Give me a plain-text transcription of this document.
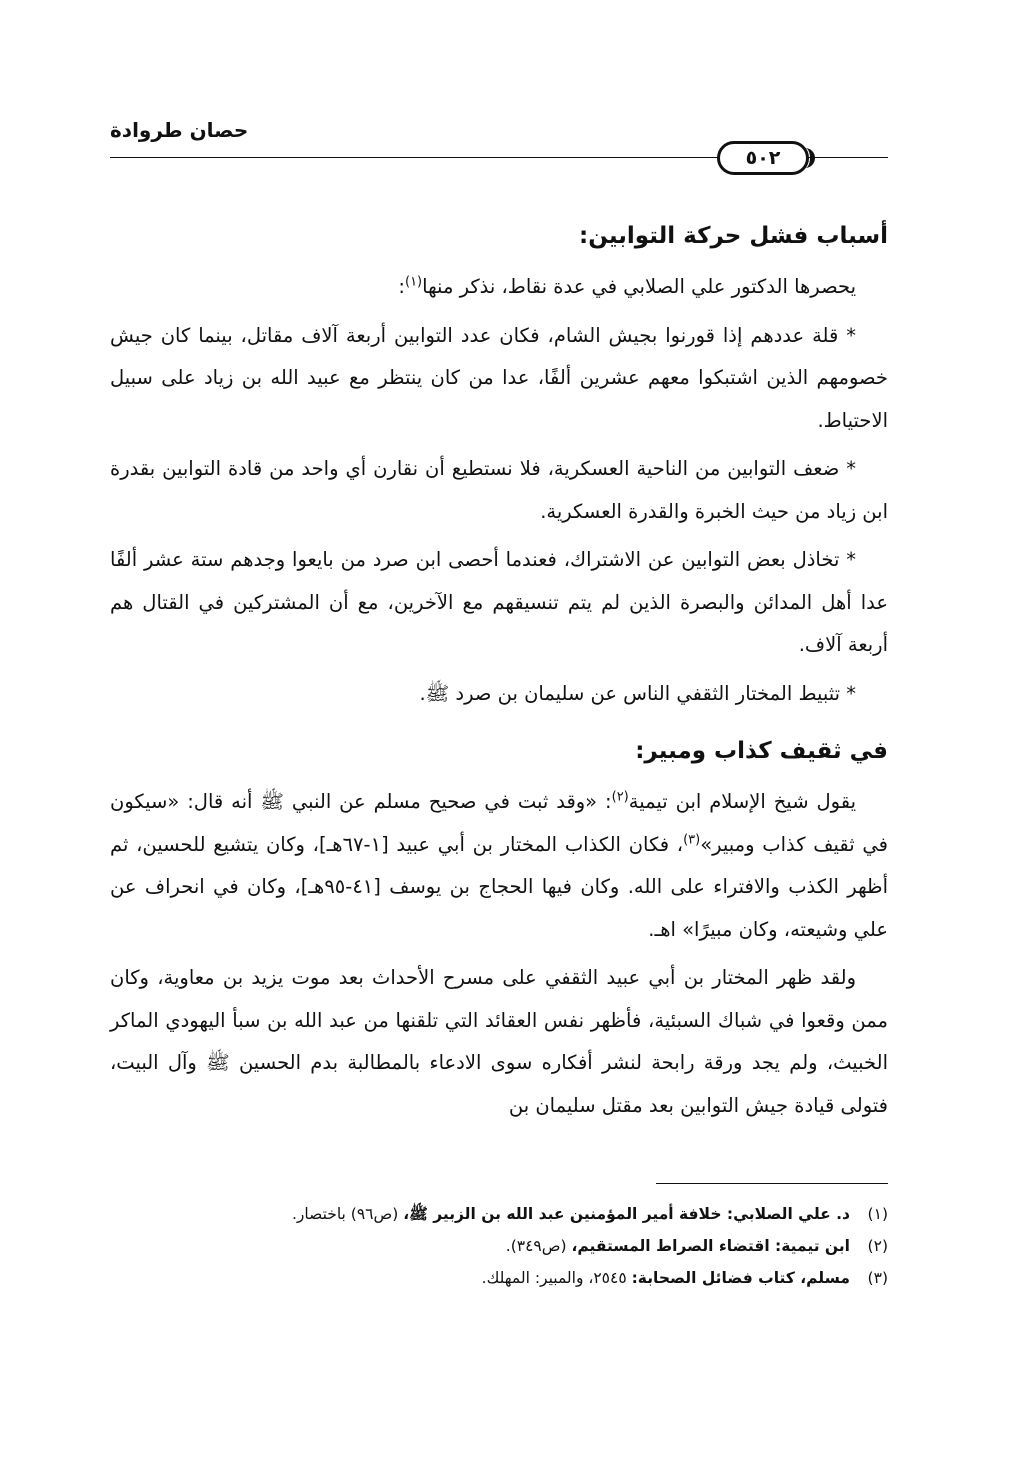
حصان طروادة
٥٠٢
أسباب فشل حركة التوابين:

يحصرها الدكتور علي الصلابي في عدة نقاط، نذكر منها$^{(١)}$:

* قلة عددهم إذا قورنوا بجيش الشام، فكان عدد التوابين أربعة آلاف مقاتل، بينما كان جيش خصومهم الذين اشتبكوا معهم عشرين ألفًا، عدا من كان ينتظر مع عبيد الله بن زياد على سبيل الاحتياط.

* ضعف التوابين من الناحية العسكرية، فلا نستطيع أن نقارن أي واحد من قادة التوابين بقدرة ابن زياد من حيث الخبرة والقدرة العسكرية.

* تخاذل بعض التوابين عن الاشتراك، فعندما أحصى ابن صرد من بايعوا وجدهم ستة عشر ألفًا عدا أهل المدائن والبصرة الذين لم يتم تنسيقهم مع الآخرين، مع أن المشتركين في القتال هم أربعة آلاف.

* تثبيط المختار الثقفي الناس عن سليمان بن صرد ﷺ.

في ثقيف كذاب ومبير:

يقول شيخ الإسلام ابن تيمية$^{(٢)}$: «وقد ثبت في صحيح مسلم عن النبي ﷺ أنه قال: «سيكون في ثقيف كذاب ومبير»$^{(٣)}$، فكان الكذاب المختار بن أبي عبيد [١-٦٧هـ]، وكان يتشيع للحسين، ثم أظهر الكذب والافتراء على الله. وكان فيها الحجاج بن يوسف [٤١-٩٥هـ]، وكان في انحراف عن علي وشيعته، وكان مبيرًا» اهـ.

ولقد ظهر المختار بن أبي عبيد الثقفي على مسرح الأحداث بعد موت يزيد بن معاوية، وكان ممن وقعوا في شباك السبئية، فأظهر نفس العقائد التي تلقنها من عبد الله بن سبأ اليهودي الماكر الخبيث، ولم يجد ورقة رابحة لنشر أفكاره سوى الادعاء بالمطالبة بدم الحسين ﷺ وآل البيت، فتولى قيادة جيش التوابين بعد مقتل سليمان بن

(١)
د. علي الصلابي: خلافة أمير المؤمنين عبد الله بن الزبير ﷺ، (ص٩٦) باختصار.
(٢)
ابن تيمية: اقتضاء الصراط المستقيم، (ص٣٤٩).
(٣)
مسلم، كتاب فضائل الصحابة: ٢٥٤٥، والمبير: المهلك.
